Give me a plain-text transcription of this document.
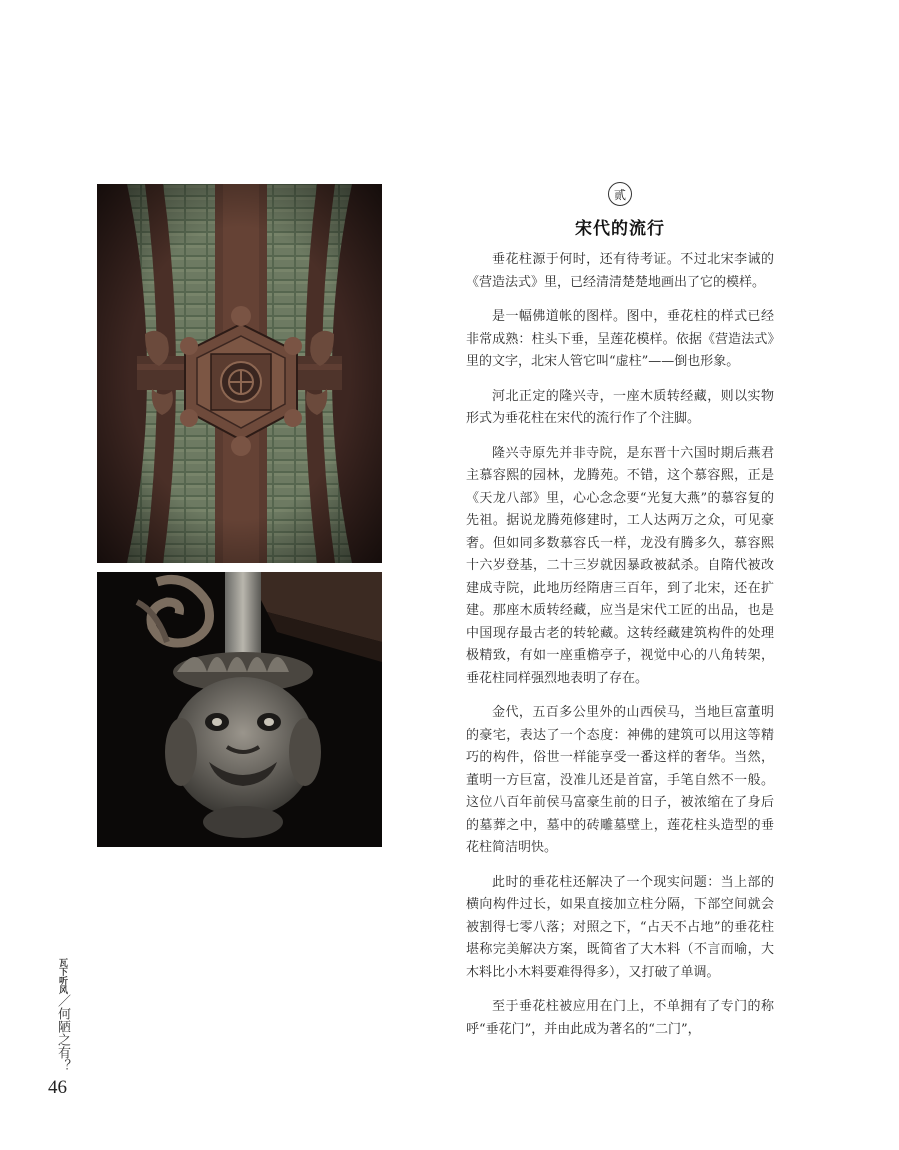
贰
宋代的流行

垂花柱源于何时，还有待考证。不过北宋李诫的《营造法式》里，已经清清楚楚地画出了它的模样。

是一幅佛道帐的图样。图中，垂花柱的样式已经非常成熟：柱头下垂，呈莲花模样。依据《营造法式》里的文字，北宋人管它叫“虚柱”——倒也形象。

河北正定的隆兴寺，一座木质转经藏，则以实物形式为垂花柱在宋代的流行作了个注脚。

隆兴寺原先并非寺院，是东晋十六国时期后燕君主慕容熙的园林，龙腾苑。不错，这个慕容熙，正是《天龙八部》里，心心念念要“光复大燕”的慕容复的先祖。据说龙腾苑修建时，工人达两万之众，可见豪奢。但如同多数慕容氏一样，龙没有腾多久，慕容熙十六岁登基，二十三岁就因暴政被弑杀。自隋代被改建成寺院，此地历经隋唐三百年，到了北宋，还在扩建。那座木质转经藏，应当是宋代工匠的出品，也是中国现存最古老的转轮藏。这转经藏建筑构件的处理极精致，有如一座重檐亭子，视觉中心的八角转架，垂花柱同样强烈地表明了存在。

金代，五百多公里外的山西侯马，当地巨富董明的豪宅，表达了一个态度：神佛的建筑可以用这等精巧的构件，俗世一样能享受一番这样的奢华。当然，董明一方巨富，没准儿还是首富，手笔自然不一般。这位八百年前侯马富豪生前的日子，被浓缩在了身后的墓葬之中，墓中的砖雕墓壁上，莲花柱头造型的垂花柱简洁明快。

此时的垂花柱还解决了一个现实问题：当上部的横向构件过长，如果直接加立柱分隔，下部空间就会被割得七零八落；对照之下，“占天不占地”的垂花柱堪称完美解决方案，既简省了大木料（不言而喻，大木料比小木料要难得得多），又打破了单调。

至于垂花柱被应用在门上，不单拥有了专门的称呼“垂花门”，并由此成为著名的“二门”，

瓦下听风／何陋之有？
46
